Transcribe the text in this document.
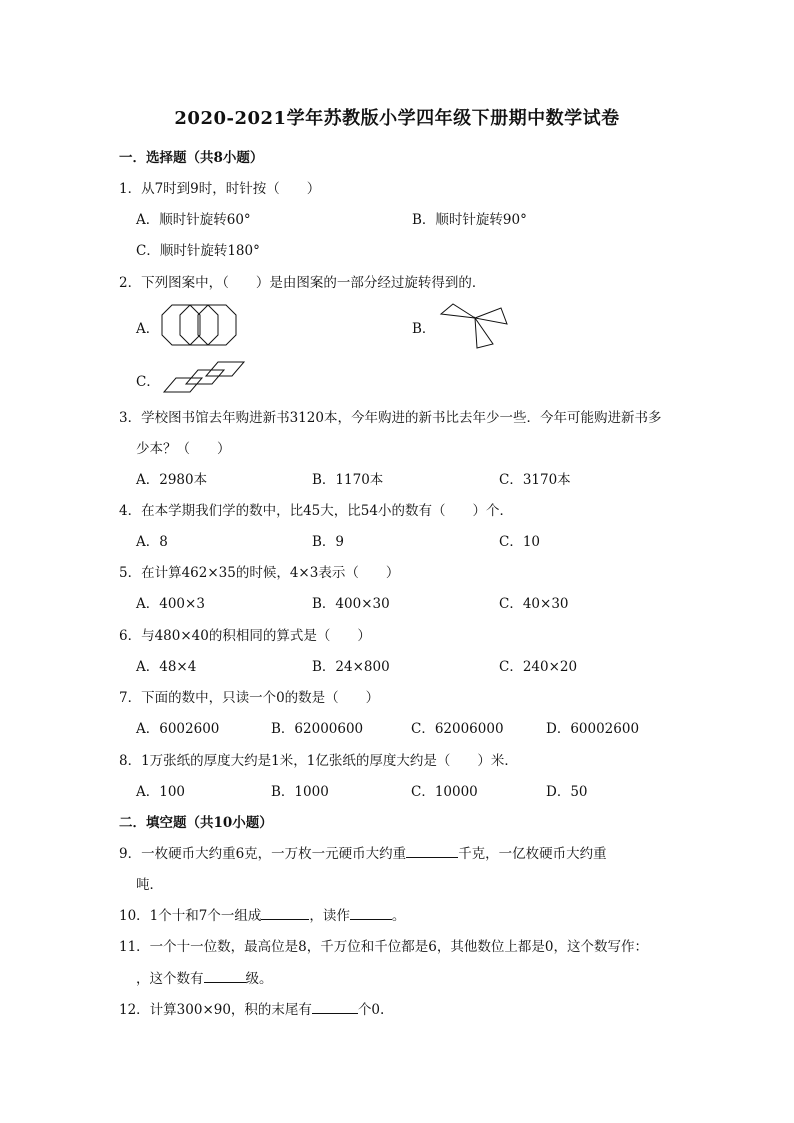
2020-2021学年苏教版小学四年级下册期中数学试卷
一．选择题（共8小题）
1．从7时到9时，时针按（　　）
A．顺时针旋转60°	B．顺时针旋转90°
C．顺时针旋转180°
2．下列图案中，（　　）是由图案的一部分经过旋转得到的．
A．	B．
C．
3．学校图书馆去年购进新书3120本，今年购进的新书比去年少一些．今年可能购进新书多
少本？（　　）
A．2980本	B．1170本	C．3170本
4．在本学期我们学的数中，比45大，比54小的数有（　　）个．
A．8	B．9	C．10
5．在计算462×35的时候，4×3表示（　　）
A．400×3	B．400×30	C．40×30
6．与480×40的积相同的算式是（　　）
A．48×4	B．24×800	C．240×20
7．下面的数中，只读一个0的数是（　　）
A．6002600	B．62000600	C．62006000	D．60002600
8．1万张纸的厚度大约是1米，1亿张纸的厚度大约是（　　）米．
A．100	B．1000	C．10000	D．50
二．填空题（共10小题）
9．一枚硬币大约重6克，一万枚一元硬币大约重	千克，一亿枚硬币大约重
吨．
10．1个十和7个一组成	，读作	。
11．一个十一位数，最高位是8，千万位和千位都是6，其他数位上都是0，这个数写作：
，这个数有	级。
12．计算300×90，积的末尾有	个0.
